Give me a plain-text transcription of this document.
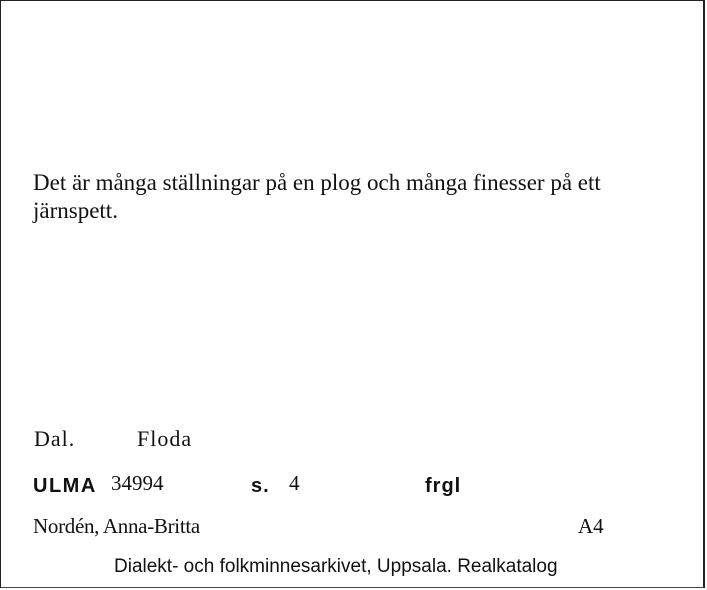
Det är många ställningar på en plog och många finesser på ett
järnspett.
Dal.	Floda
ULMA 34994	s. 4	frgl
Nordén, Anna-Britta	A4
Dialekt- och folkminnesarkivet, Uppsala. Realkatalog
